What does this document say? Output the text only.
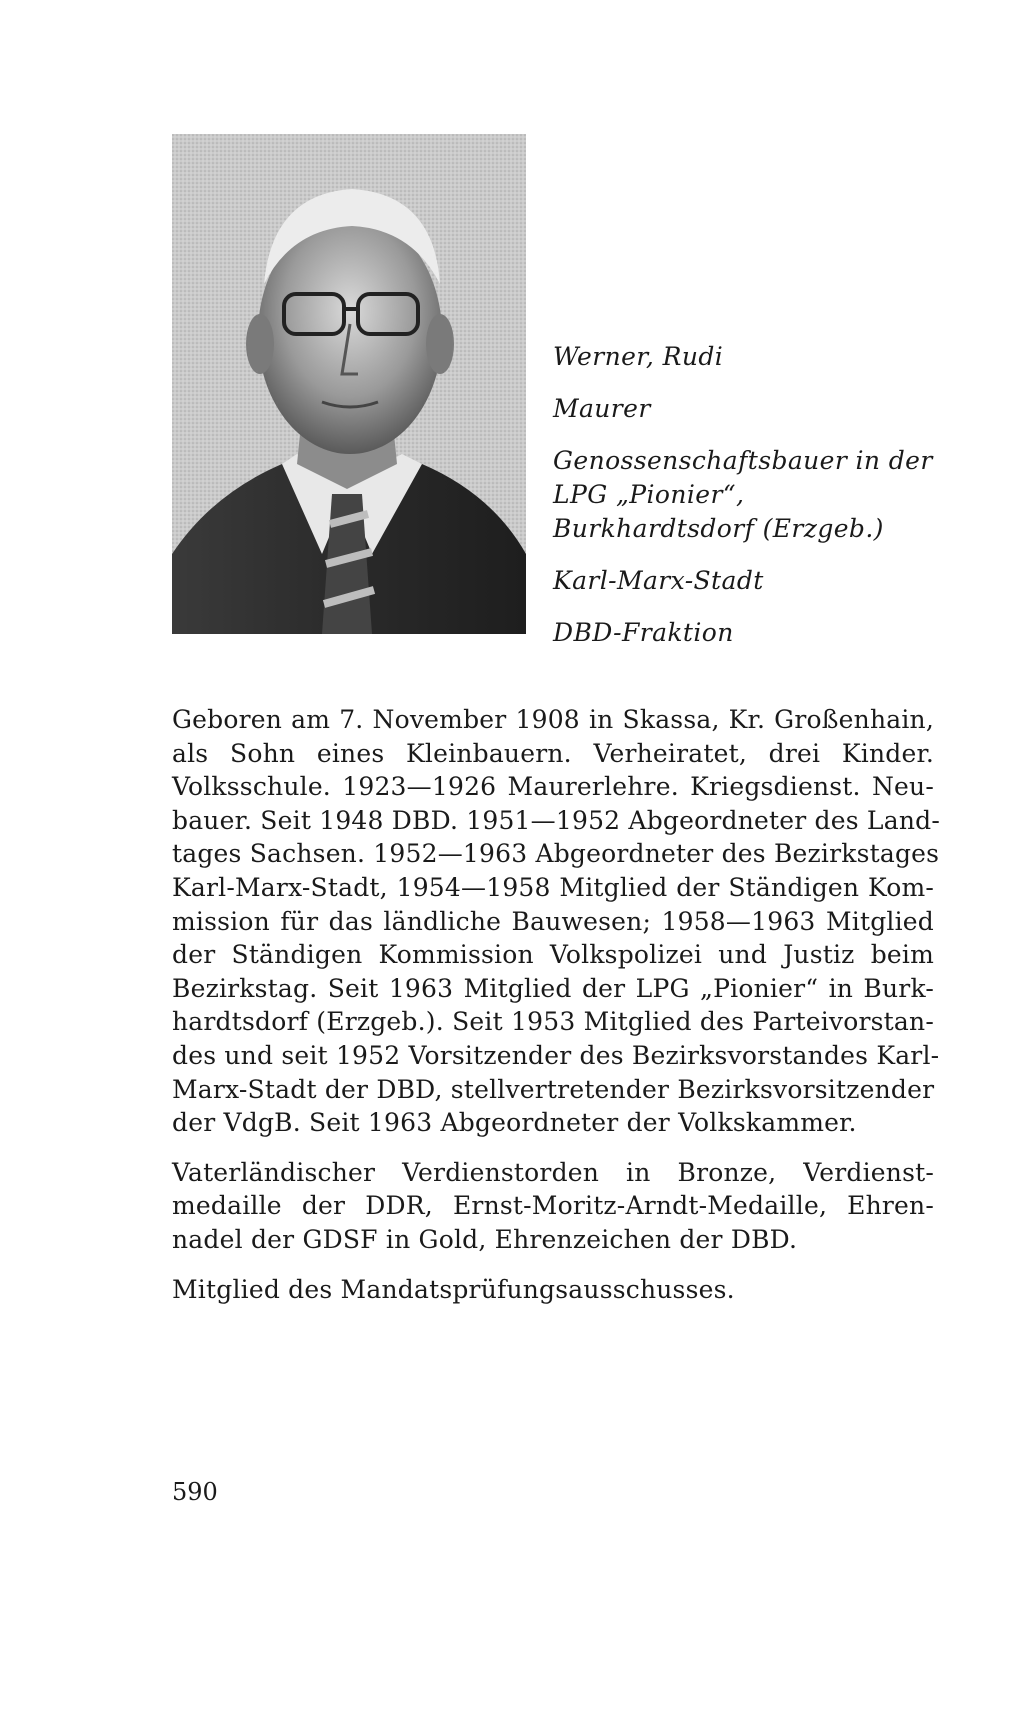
Werner, Rudi
Maurer
Genossenschaftsbauer in der
LPG „Pionier“,
Burkhardtsdorf (Erzgeb.)
Karl-Marx-Stadt
DBD-Fraktion
Geboren am 7. November 1908 in Skassa, Kr. Großenhain,
als Sohn eines Kleinbauern. Verheiratet, drei Kinder.
Volksschule. 1923—1926 Maurerlehre. Kriegsdienst. Neu-
bauer. Seit 1948 DBD. 1951—1952 Abgeordneter des Land-
tages Sachsen. 1952—1963 Abgeordneter des Bezirkstages
Karl-Marx-Stadt, 1954—1958 Mitglied der Ständigen Kom-
mission für das ländliche Bauwesen; 1958—1963 Mitglied
der Ständigen Kommission Volkspolizei und Justiz beim
Bezirkstag. Seit 1963 Mitglied der LPG „Pionier“ in Burk-
hardtsdorf (Erzgeb.). Seit 1953 Mitglied des Parteivorstan-
des und seit 1952 Vorsitzender des Bezirksvorstandes Karl-
Marx-Stadt der DBD, stellvertretender Bezirksvorsitzender
der VdgB. Seit 1963 Abgeordneter der Volkskammer.
Vaterländischer Verdienstorden in Bronze, Verdienst-
medaille der DDR, Ernst-Moritz-Arndt-Medaille, Ehren-
nadel der GDSF in Gold, Ehrenzeichen der DBD.
Mitglied des Mandatsprüfungsausschusses.
590
